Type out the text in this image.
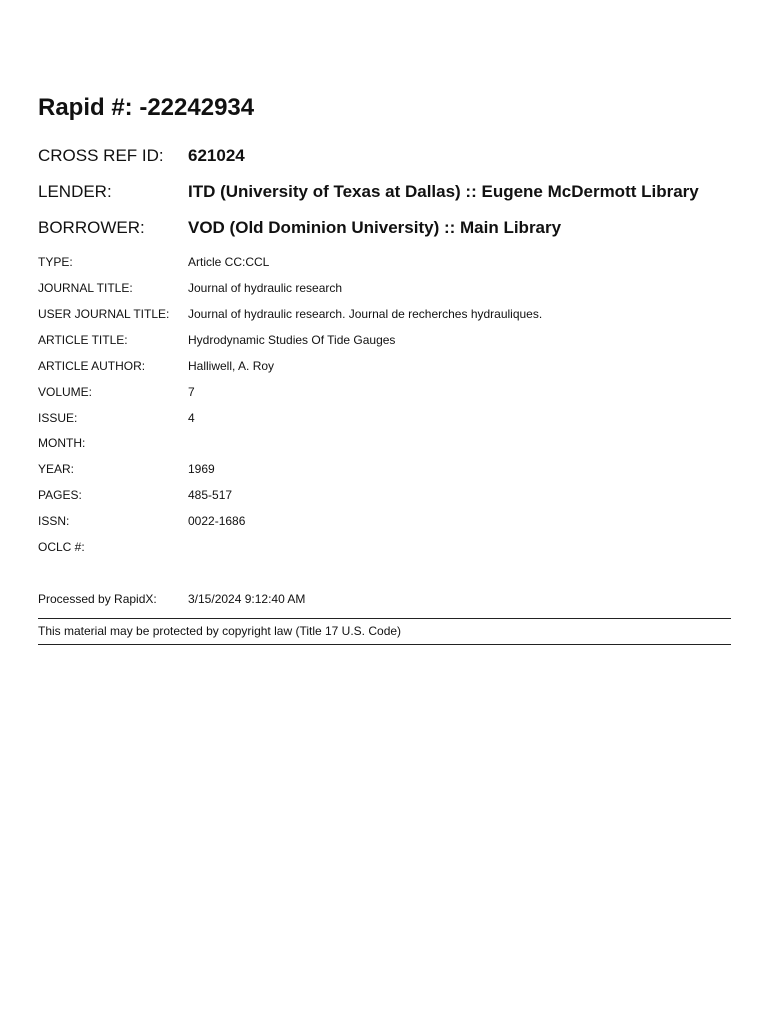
Rapid #: -22242934
CROSS REF ID:	621024
LENDER:	ITD (University of Texas at Dallas) :: Eugene McDermott Library
BORROWER:	VOD (Old Dominion University) :: Main Library
TYPE:	Article CC:CCL
JOURNAL TITLE:	Journal of hydraulic research
USER JOURNAL TITLE:	Journal of hydraulic research. Journal de recherches hydrauliques.
ARTICLE TITLE:	Hydrodynamic Studies Of Tide Gauges
ARTICLE AUTHOR:	Halliwell, A. Roy
VOLUME:	7
ISSUE:	4
MONTH:
YEAR:	1969
PAGES:	485-517
ISSN:	0022-1686
OCLC #:
Processed by RapidX:	3/15/2024 9:12:40 AM
This material may be protected by copyright law (Title 17 U.S. Code)
